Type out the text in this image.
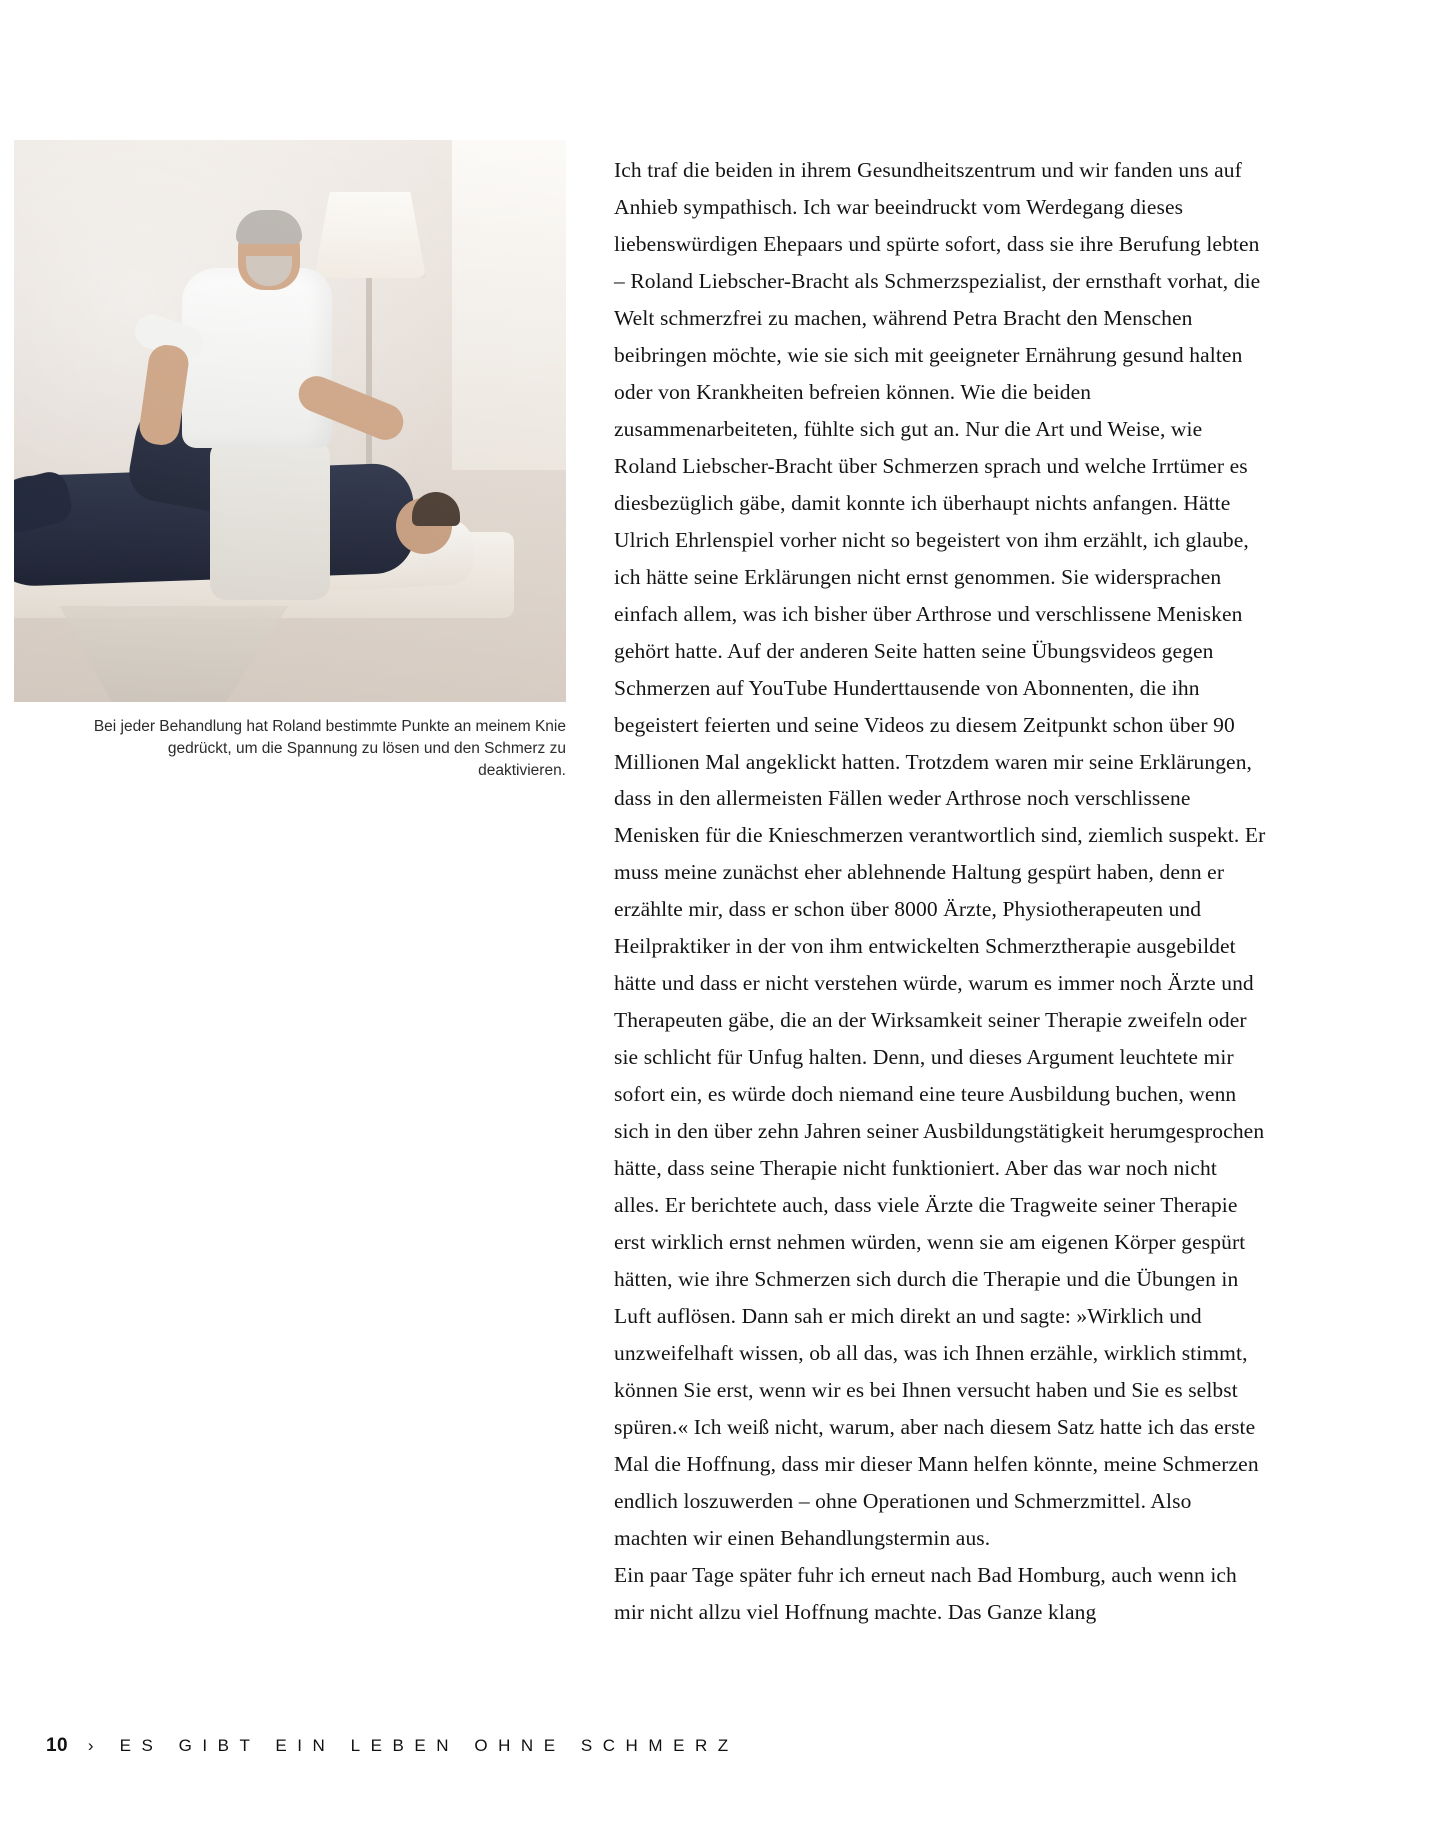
Bei jeder Behandlung hat Roland bestimmte Punkte an meinem Knie gedrückt, um die Spannung zu lösen und den Schmerz zu deaktivieren.

Ich traf die beiden in ihrem Gesundheitszentrum und wir fanden uns auf Anhieb sympathisch. Ich war beeindruckt vom Werdegang dieses liebenswürdigen Ehepaars und spürte sofort, dass sie ihre Berufung lebten – Roland Liebscher-Bracht als Schmerzspezialist, der ernsthaft vorhat, die Welt schmerzfrei zu machen, während Petra Bracht den Menschen beibringen möchte, wie sie sich mit geeigneter Ernährung gesund halten oder von Krankheiten befreien können. Wie die beiden zusammenarbeiteten, fühlte sich gut an. Nur die Art und Weise, wie Roland Liebscher-Bracht über Schmerzen sprach und welche Irrtümer es diesbezüglich gäbe, damit konnte ich überhaupt nichts anfangen. Hätte Ulrich Ehrlenspiel vorher nicht so begeistert von ihm erzählt, ich glaube, ich hätte seine Erklärungen nicht ernst genommen. Sie widersprachen einfach allem, was ich bisher über Arthrose und verschlissene Menisken gehört hatte. Auf der anderen Seite hatten seine Übungsvideos gegen Schmerzen auf YouTube Hunderttausende von Abonnenten, die ihn begeistert feierten und seine Videos zu diesem Zeitpunkt schon über 90 Millionen Mal angeklickt hatten. Trotzdem waren mir seine Erklärungen, dass in den allermeisten Fällen weder Arthrose noch verschlissene Menisken für die Knieschmerzen verantwortlich sind, ziemlich suspekt. Er muss meine zunächst eher ablehnende Haltung gespürt haben, denn er erzählte mir, dass er schon über 8000 Ärzte, Physiotherapeuten und Heilpraktiker in der von ihm entwickelten Schmerztherapie ausgebildet hätte und dass er nicht verstehen würde, warum es immer noch Ärzte und Therapeuten gäbe, die an der Wirksamkeit seiner Therapie zweifeln oder sie schlicht für Unfug halten. Denn, und dieses Argument leuchtete mir sofort ein, es würde doch niemand eine teure Ausbildung buchen, wenn sich in den über zehn Jahren seiner Ausbildungstätigkeit herumgesprochen hätte, dass seine Therapie nicht funktioniert. Aber das war noch nicht alles. Er berichtete auch, dass viele Ärzte die Tragweite seiner Therapie erst wirklich ernst nehmen würden, wenn sie am eigenen Körper gespürt hätten, wie ihre Schmerzen sich durch die Therapie und die Übungen in Luft auflösen. Dann sah er mich direkt an und sagte: »Wirklich und unzweifelhaft wissen, ob all das, was ich Ihnen erzähle, wirklich stimmt, können Sie erst, wenn wir es bei Ihnen versucht haben und Sie es selbst spüren.« Ich weiß nicht, warum, aber nach diesem Satz hatte ich das erste Mal die Hoffnung, dass mir dieser Mann helfen könnte, meine Schmerzen endlich loszuwerden – ohne Operationen und Schmerzmittel. Also machten wir einen Behandlungstermin aus.

Ein paar Tage später fuhr ich erneut nach Bad Homburg, auch wenn ich mir nicht allzu viel Hoffnung machte. Das Ganze klang

10	›	ES GIBT EIN LEBEN OHNE SCHMERZ
